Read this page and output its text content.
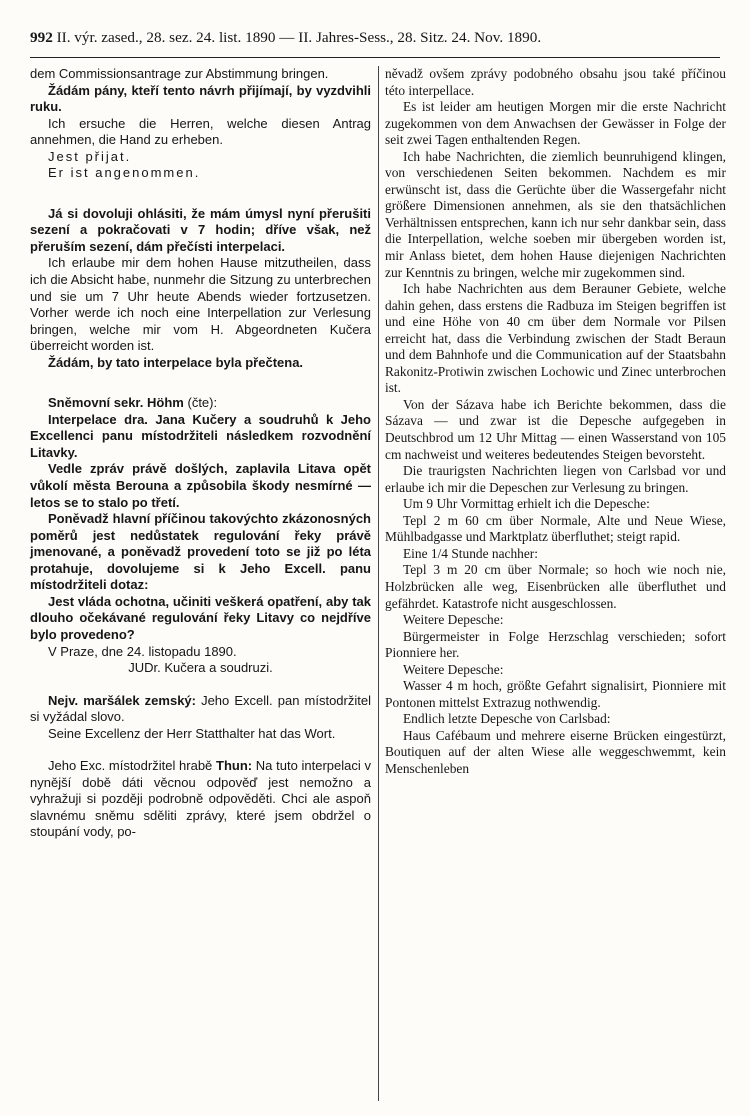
992 II. výr. zased., 28. sez. 24. list. 1890 — II. Jahres-Sess., 28. Sitz. 24. Nov. 1890.

dem Commissionsantrage zur Abstimmung bringen.

Žádám pány, kteří tento návrh přijímají, by vyzdvihli ruku.

Ich ersuche die Herren, welche diesen Antrag annehmen, die Hand zu erheben.

Jest přijat.

Er ist angenommen.

Já si dovoluji ohlásiti, že mám úmysl nyní přerušiti sezení a pokračovati v 7 hodin; dříve však, než přeruším sezení, dám přečísti interpelaci.

Ich erlaube mir dem hohen Hause mitzutheilen, dass ich die Absicht habe, nunmehr die Sitzung zu unterbrechen und sie um 7 Uhr heute Abends wieder fortzusetzen. Vorher werde ich noch eine Interpellation zur Verlesung bringen, welche mir vom H. Abgeordneten Kučera überreicht worden ist.

Žádám, by tato interpelace byla přečtena.

Sněmovní sekr. Höhm (čte):

Interpelace dra. Jana Kučery a soudruhů k Jeho Excellenci panu místodržiteli následkem rozvodnění Litavky.

Vedle zpráv právě došlých, zaplavila Litava opět vůkolí města Berouna a způsobila škody nesmírné — letos se to stalo po třetí.

Poněvadž hlavní příčinou takovýchto zkázonosných poměrů jest nedůstatek regulování řeky právě jmenované, a poněvadž provedení toto se již po léta protahuje, dovolujeme si k Jeho Excell. panu místodržiteli dotaz:

Jest vláda ochotna, učiniti veškerá opatření, aby tak dlouho očekávané regulování řeky Litavy co nejdříve bylo provedeno?

V Praze, dne 24. listopadu 1890.

JUDr. Kučera a soudruzi.

Nejv. maršálek zemský: Jeho Excell. pan místodržitel si vyžádal slovo.

Seine Excellenz der Herr Statthalter hat das Wort.

Jeho Exc. místodržitel hrabě Thun: Na tuto interpelaci v nynější době dáti věcnou odpověď jest nemožno a vyhražuji si později podrobně odpověděti. Chci ale aspoň slavnému sněmu sděliti zprávy, které jsem obdržel o stoupání vody, po-

něvadž ovšem zprávy podobného obsahu jsou také příčinou této interpellace.

Es ist leider am heutigen Morgen mir die erste Nachricht zugekommen von dem Anwachsen der Gewässer in Folge der seit zwei Tagen enthaltenden Regen.

Ich habe Nachrichten, die ziemlich beunruhigend klingen, von verschiedenen Seiten bekommen. Nachdem es mir erwünscht ist, dass die Gerüchte über die Wassergefahr nicht größere Dimensionen annehmen, als sie den thatsächlichen Verhältnissen entsprechen, kann ich nur sehr dankbar sein, dass die Interpellation, welche soeben mir übergeben worden ist, mir Anlass bietet, dem hohen Hause diejenigen Nachrichten zur Kenntnis zu bringen, welche mir zugekommen sind.

Ich habe Nachrichten aus dem Berauner Gebiete, welche dahin gehen, dass erstens die Radbuza im Steigen begriffen ist und eine Höhe von 40 cm über dem Normale vor Pilsen erreicht hat, dass die Verbindung zwischen der Stadt Beraun und dem Bahnhofe und die Communication auf der Staatsbahn Rakonitz-Protiwin zwischen Lochowic und Zinec unterbrochen ist.

Von der Sázava habe ich Berichte bekommen, dass die Sázava — und zwar ist die Depesche aufgegeben in Deutschbrod um 12 Uhr Mittag — einen Wasserstand von 105 cm nachweist und weiteres bedeutendes Steigen bevorsteht.

Die traurigsten Nachrichten liegen von Carlsbad vor und erlaube ich mir die Depeschen zur Verlesung zu bringen.

Um 9 Uhr Vormittag erhielt ich die Depesche:

Tepl 2 m 60 cm über Normale, Alte und Neue Wiese, Mühlbadgasse und Marktplatz überfluthet; steigt rapid.

Eine 1/4 Stunde nachher:

Tepl 3 m 20 cm über Normale; so hoch wie noch nie, Holzbrücken alle weg, Eisenbrücken alle überfluthet und gefährdet. Katastrofe nicht ausgeschlossen.

Weitere Depesche:

Bürgermeister in Folge Herzschlag verschieden; sofort Pionniere her.

Weitere Depesche:

Wasser 4 m hoch, größte Gefahrt signalisirt, Pionniere mit Pontonen mittelst Extrazug nothwendig.

Endlich letzte Depesche von Carlsbad:

Haus Cafébaum und mehrere eiserne Brücken eingestürzt, Boutiquen auf der alten Wiese alle weggeschwemmt, kein Menschenleben
